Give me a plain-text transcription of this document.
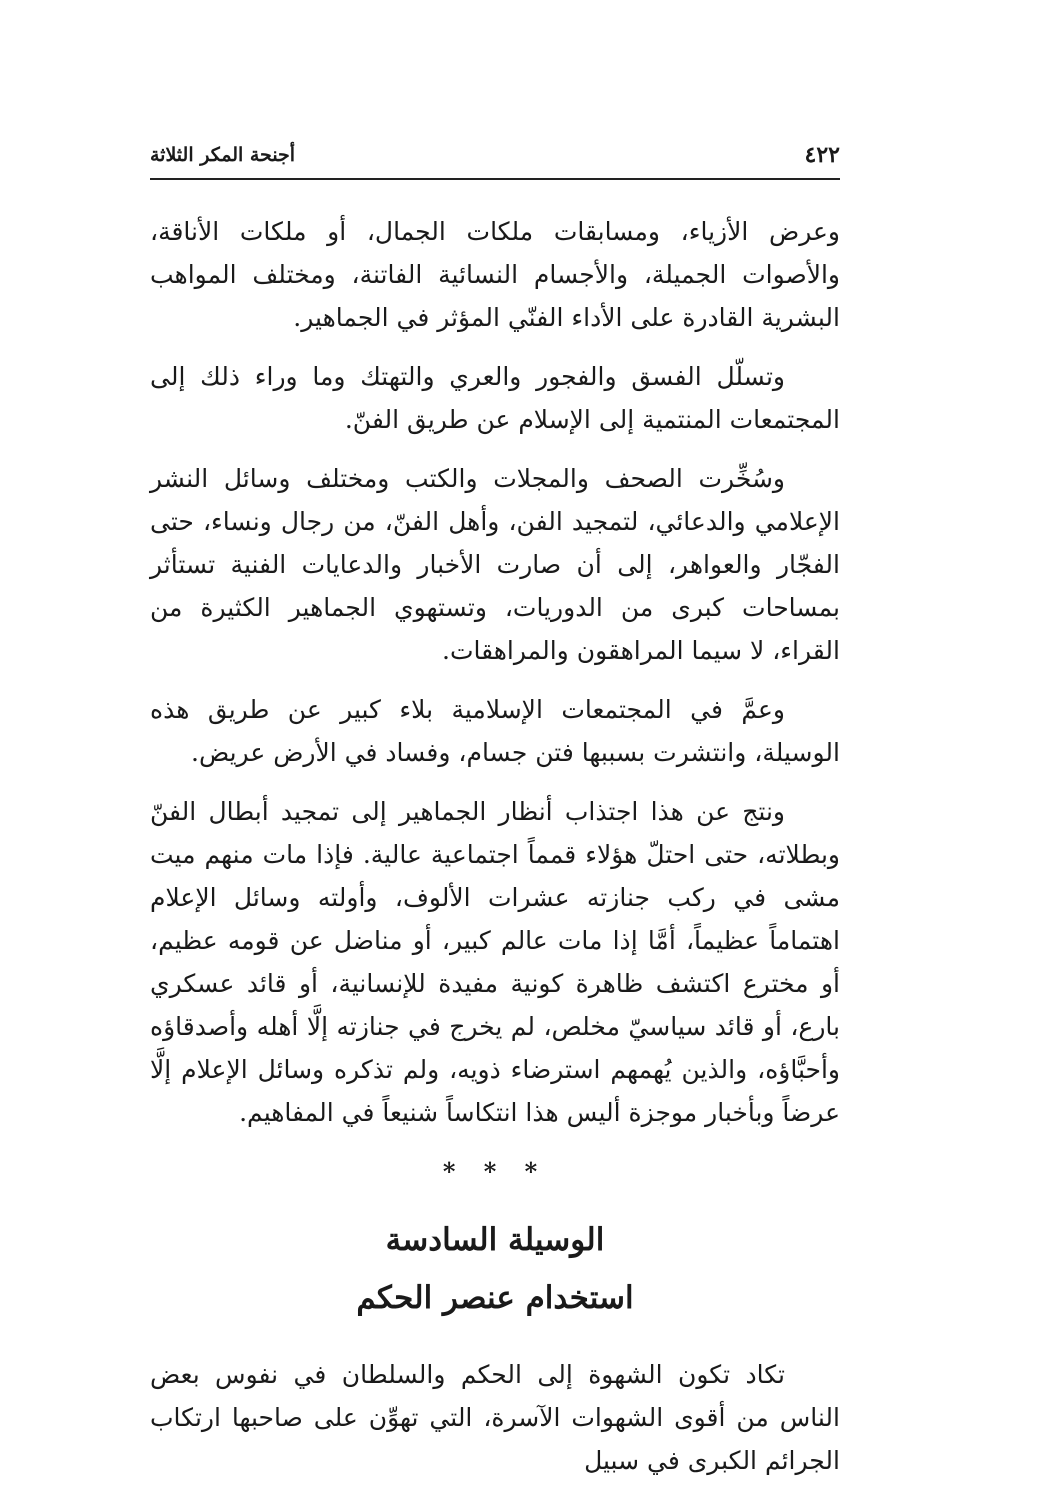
٤٢٢
أجنحة المكر الثلاثة

وعرض الأزياء، ومسابقات ملكات الجمال، أو ملكات الأناقة، والأصوات الجميلة، والأجسام النسائية الفاتنة، ومختلف المواهب البشرية القادرة على الأداء الفنّي المؤثر في الجماهير.

وتسلّل الفسق والفجور والعري والتهتك وما وراء ذلك إلى المجتمعات المنتمية إلى الإسلام عن طريق الفنّ.

وسُخِّرت الصحف والمجلات والكتب ومختلف وسائل النشر الإعلامي والدعائي، لتمجيد الفن، وأهل الفنّ، من رجال ونساء، حتى الفجّار والعواهر، إلى أن صارت الأخبار والدعايات الفنية تستأثر بمساحات كبرى من الدوريات، وتستهوي الجماهير الكثيرة من القراء، لا سيما المراهقون والمراهقات.

وعمَّ في المجتمعات الإسلامية بلاء كبير عن طريق هذه الوسيلة، وانتشرت بسببها فتن جسام، وفساد في الأرض عريض.

ونتج عن هذا اجتذاب أنظار الجماهير إلى تمجيد أبطال الفنّ وبطلاته، حتى احتلّ هؤلاء قمماً اجتماعية عالية. فإذا مات منهم ميت مشى في ركب جنازته عشرات الألوف، وأولته وسائل الإعلام اهتماماً عظيماً، أمَّا إذا مات عالم كبير، أو مناضل عن قومه عظيم، أو مخترع اكتشف ظاهرة كونية مفيدة للإنسانية، أو قائد عسكري بارع، أو قائد سياسيّ مخلص، لم يخرج في جنازته إلَّا أهله وأصدقاؤه وأحبَّاؤه، والذين يُهمهم استرضاء ذويه، ولم تذكره وسائل الإعلام إلَّا عرضاً وبأخبار موجزة أليس هذا انتكاساً شنيعاً في المفاهيم.

* * *
الوسيلة السادسة
استخدام عنصر الحكم

تكاد تكون الشهوة إلى الحكم والسلطان في نفوس بعض الناس من أقوى الشهوات الآسرة، التي تهوِّن على صاحبها ارتكاب الجرائم الكبرى في سبيل
